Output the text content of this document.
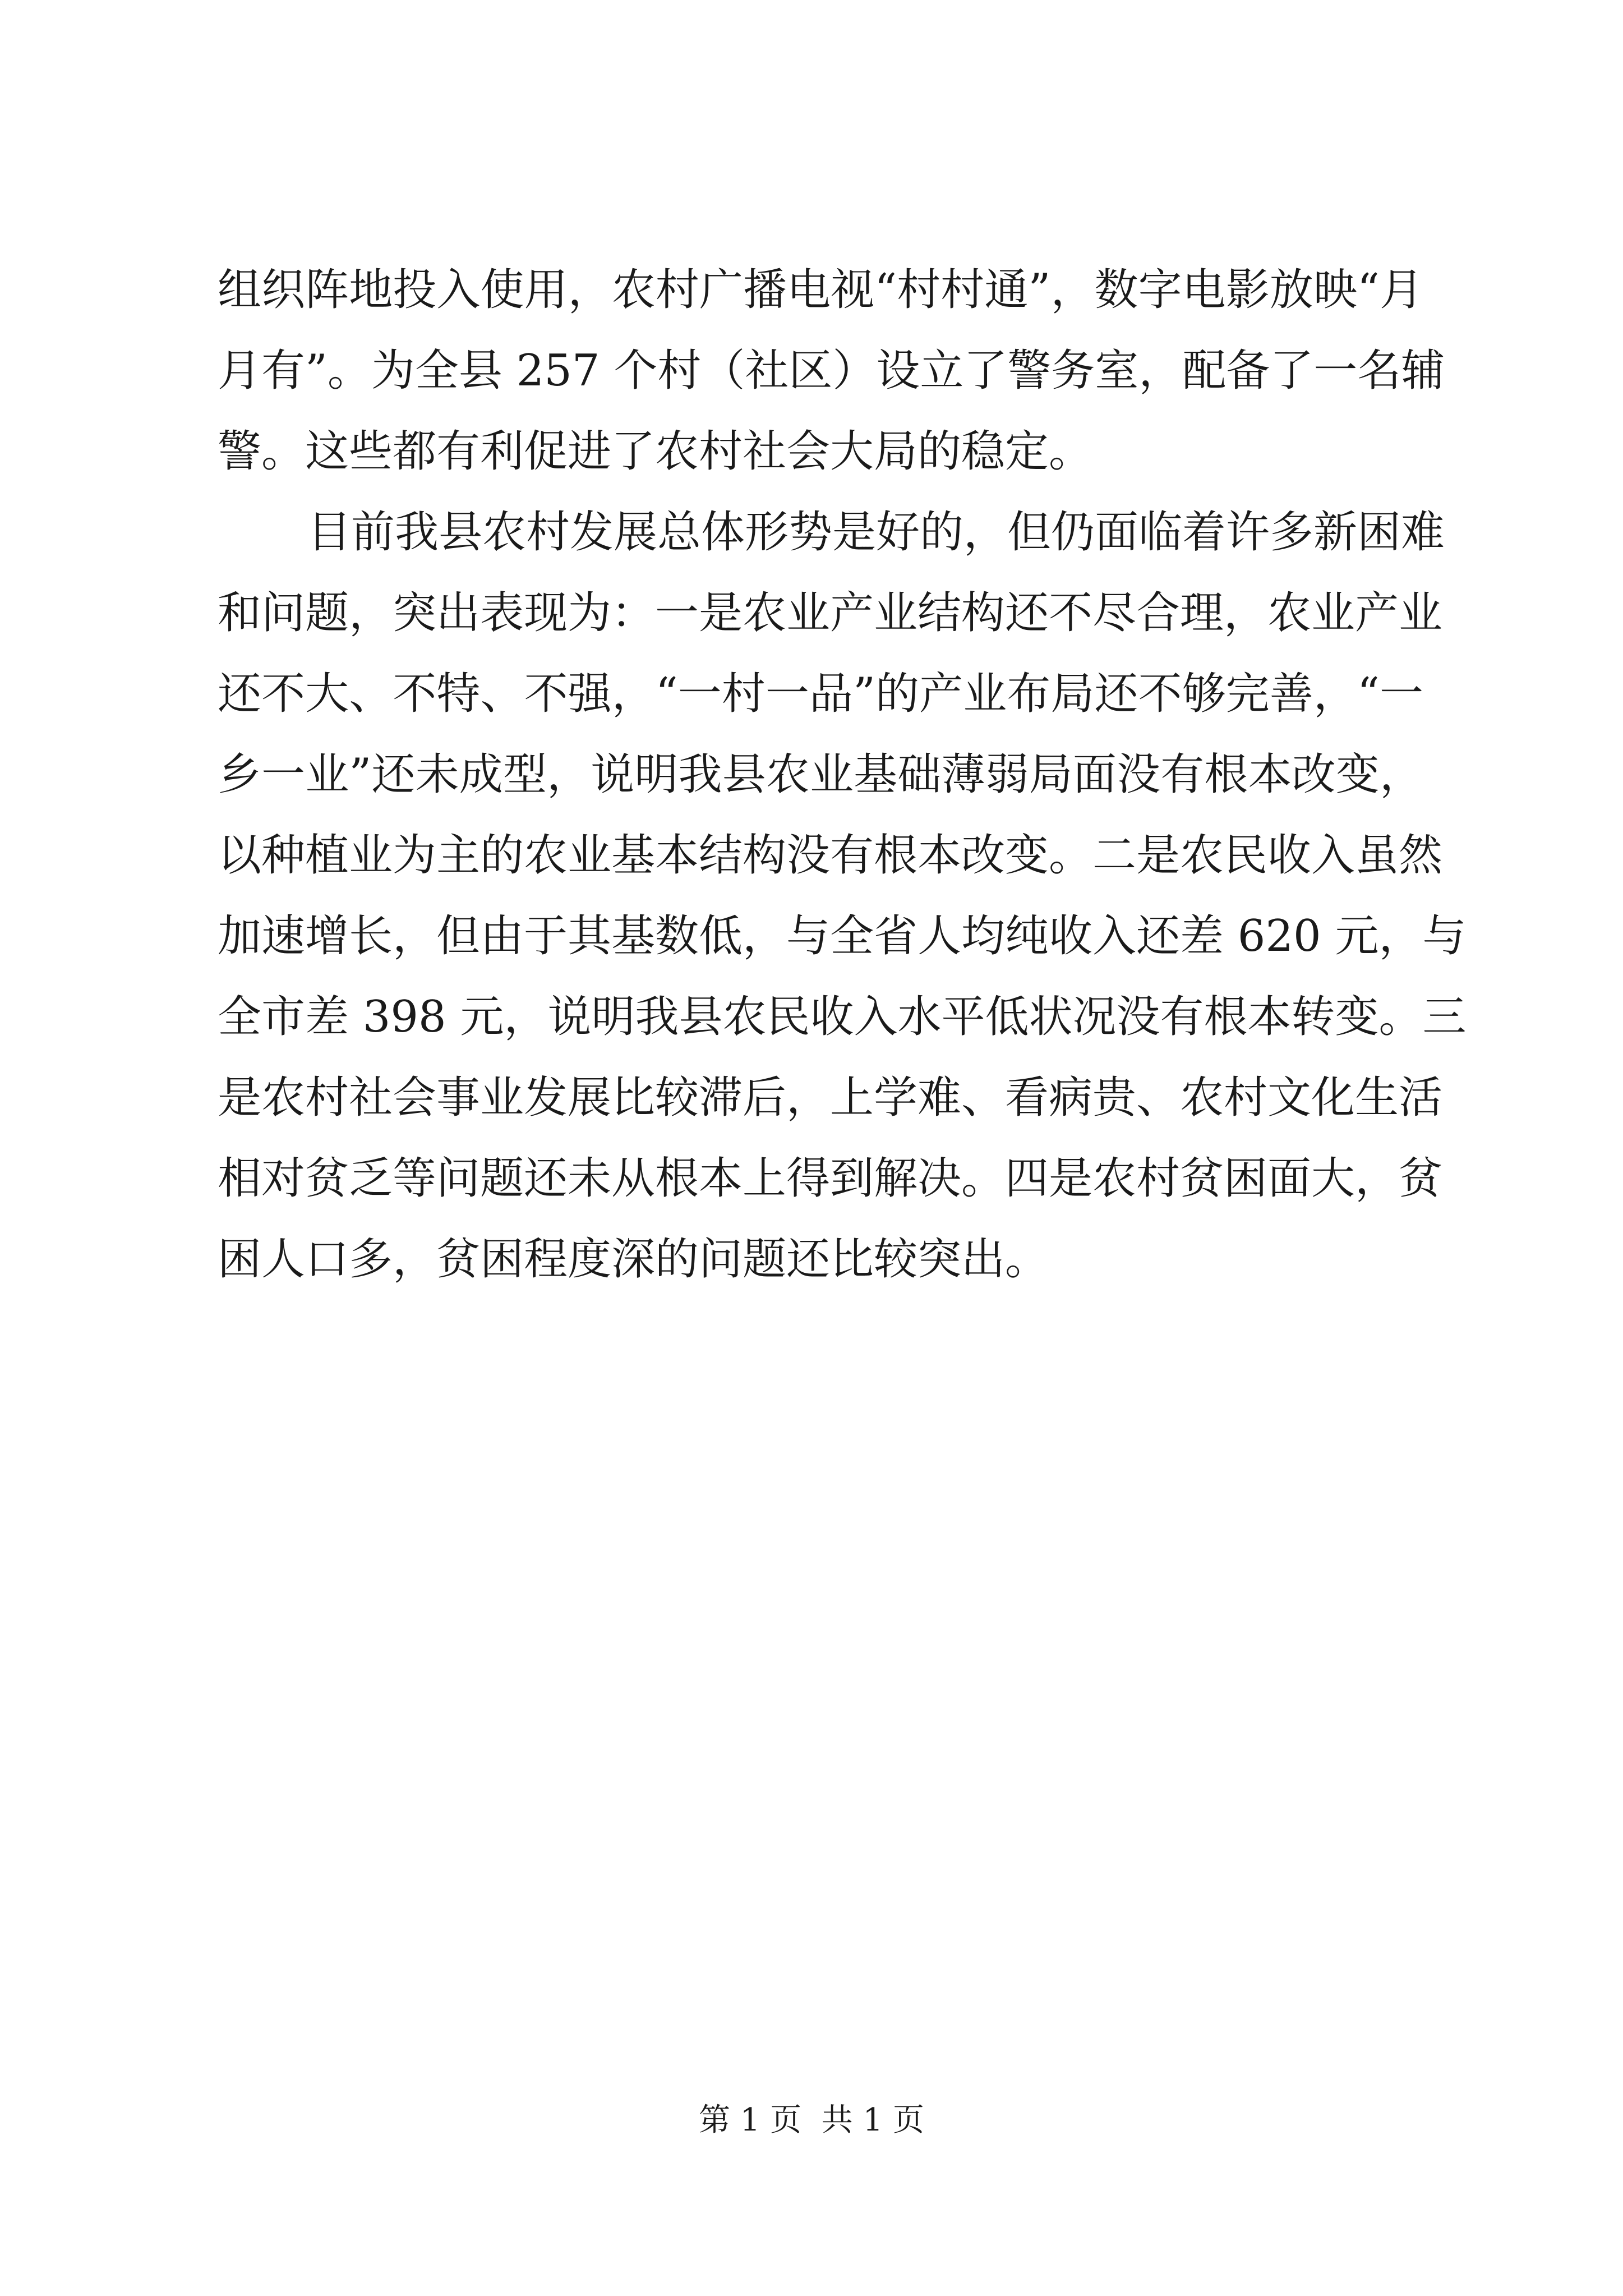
组织阵地投入使用，农村广播电视“村村通”，数字电影放映“月
月有”。为全县 257 个村（社区）设立了警务室，配备了一名辅
警。这些都有利促进了农村社会大局的稳定。
目前我县农村发展总体形势是好的，但仍面临着许多新困难
和问题，突出表现为：一是农业产业结构还不尽合理，农业产业
还不大、不特、不强，“一村一品”的产业布局还不够完善，“一
乡一业”还未成型，说明我县农业基础薄弱局面没有根本改变，
以种植业为主的农业基本结构没有根本改变。二是农民收入虽然
加速增长，但由于其基数低，与全省人均纯收入还差 620 元，与
全市差 398 元，说明我县农民收入水平低状况没有根本转变。三
是农村社会事业发展比较滞后，上学难、看病贵、农村文化生活
相对贫乏等问题还未从根本上得到解决。四是农村贫困面大，贫
困人口多，贫困程度深的问题还比较突出。
第 1 页  共 1 页
